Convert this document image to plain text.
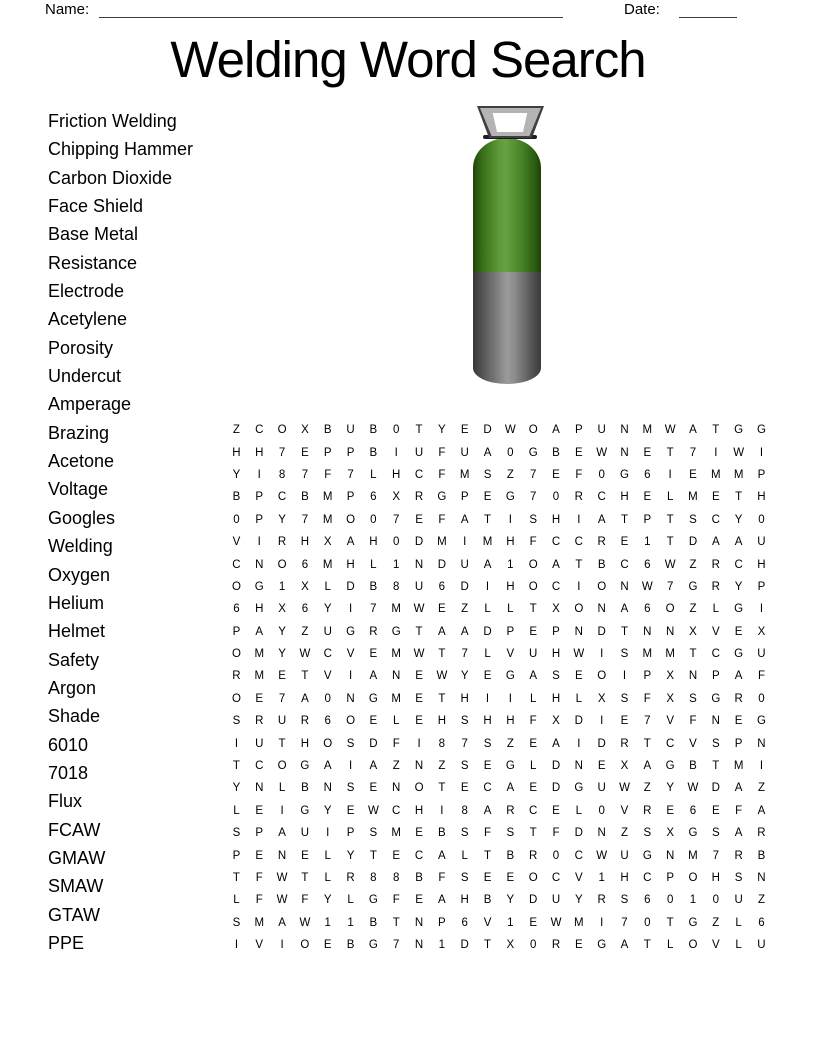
Name:	Date:
Welding Word Search
Friction Welding
Chipping Hammer
Carbon Dioxide
Face Shield
Base Metal
Resistance
Electrode
Acetylene
Porosity
Undercut
Amperage
Brazing
Acetone
Voltage
Googles
Welding
Oxygen
Helium
Helmet
Safety
Argon
Shade
6010
7018
Flux
FCAW
GMAW
SMAW
GTAW
PPE
Z	C	O	X	B	U	B	0	T	Y	E	D	W	O	A	P	U	N	M	W	A	T	G	G
H	H	7	E	P	P	B	I	U	F	U	A	0	G	B	E	W	N	E	T	7	I	W	I
Y	I	8	7	F	7	L	H	C	F	M	S	Z	7	E	F	0	G	6	I	E	M	M	P
B	P	C	B	M	P	6	X	R	G	P	E	G	7	0	R	C	H	E	L	M	E	T	H
0	P	Y	7	M	O	0	7	E	F	A	T	I	S	H	I	A	T	P	T	S	C	Y	0
V	I	R	H	X	A	H	0	D	M	I	M	H	F	C	C	R	E	1	T	D	A	A	U
C	N	O	6	M	H	L	1	N	D	U	A	1	O	A	T	B	C	6	W	Z	R	C	H
O	G	1	X	L	D	B	8	U	6	D	I	H	O	C	I	O	N	W	7	G	R	Y	P
6	H	X	6	Y	I	7	M	W	E	Z	L	L	T	X	O	N	A	6	O	Z	L	G	I
P	A	Y	Z	U	G	R	G	T	A	A	D	P	E	P	N	D	T	N	N	X	V	E	X
O	M	Y	W	C	V	E	M	W	T	7	L	V	U	H	W	I	S	M	M	T	C	G	U
R	M	E	T	V	I	A	N	E	W	Y	E	G	A	S	E	O	I	P	X	N	P	A	F
O	E	7	A	0	N	G	M	E	T	H	I	I	L	H	L	X	S	F	X	S	G	R	0
S	R	U	R	6	O	E	L	E	H	S	H	H	F	X	D	I	E	7	V	F	N	E	G
I	U	T	H	O	S	D	F	I	8	7	S	Z	E	A	I	D	R	T	C	V	S	P	N
T	C	O	G	A	I	A	Z	N	Z	S	E	G	L	D	N	E	X	A	G	B	T	M	I
Y	N	L	B	N	S	E	N	O	T	E	C	A	E	D	G	U	W	Z	Y	W	D	A	Z
L	E	I	G	Y	E	W	C	H	I	8	A	R	C	E	L	0	V	R	E	6	E	F	A
S	P	A	U	I	P	S	M	E	B	S	F	S	T	F	D	N	Z	S	X	G	S	A	R
P	E	N	E	L	Y	T	E	C	A	L	T	B	R	0	C	W	U	G	N	M	7	R	B
T	F	W	T	L	R	8	8	B	F	S	E	E	O	C	V	1	H	C	P	O	H	S	N
L	F	W	F	Y	L	G	F	E	A	H	B	Y	D	U	Y	R	S	6	0	1	0	U	Z
S	M	A	W	1	1	B	T	N	P	6	V	1	E	W	M	I	7	0	T	G	Z	L	6
I	V	I	O	E	B	G	7	N	1	D	T	X	0	R	E	G	A	T	L	O	V	L	U
